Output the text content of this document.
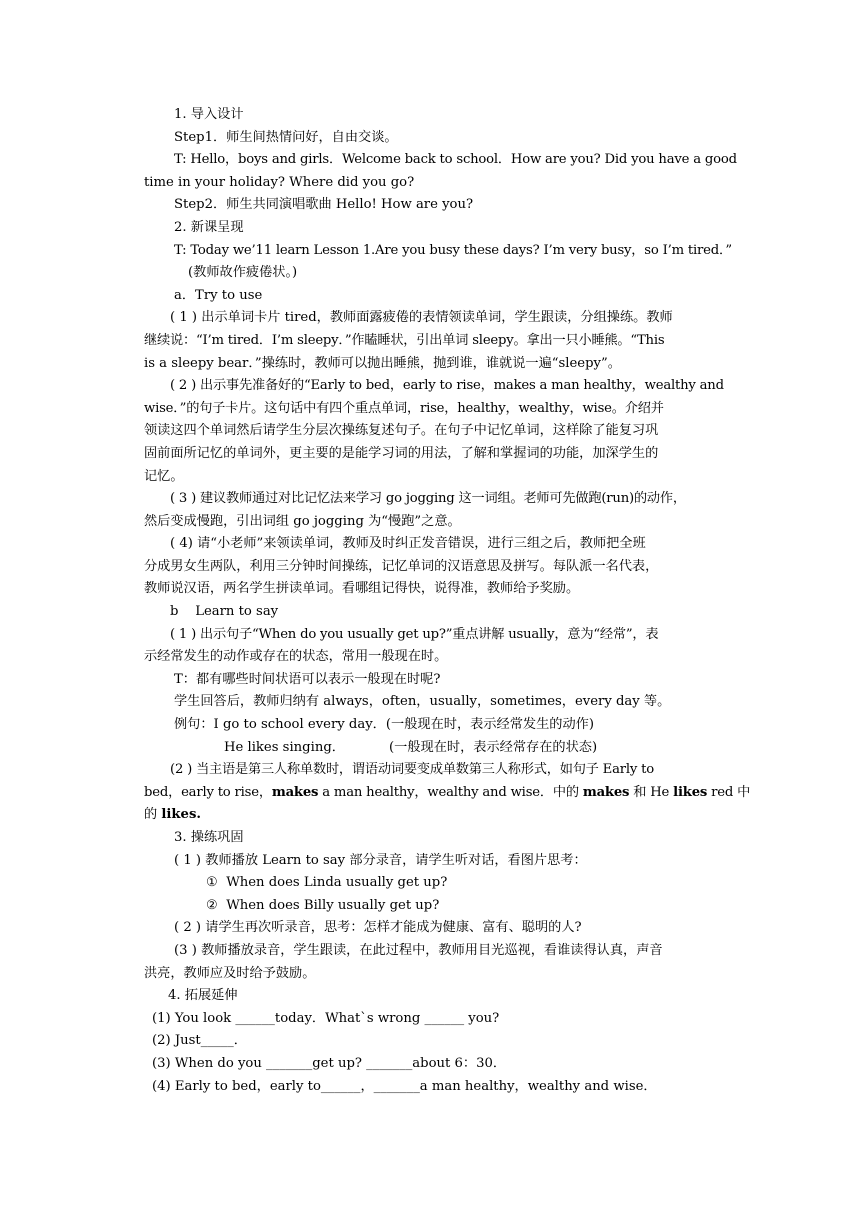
1. 导入设计
Step1．师生间热情问好，自由交谈。
T: Hello，boys and girls．Welcome back to school．How are you? Did you have a good
time in your holiday? Where did you go?
Step2．师生共同演唱歌曲 Hello! How are you?
2. 新课呈现
T: Today we’11 learn Lesson 1.Are you busy these days? I’m very busy，so I’m tired．”
(教师故作疲倦状。)
a．Try to use
( 1 ) 出示单词卡片 tired，教师面露疲倦的表情领读单词，学生跟读，分组操练。教师
继续说：“I’m tired．I’m sleepy．”作瞌睡状，引出单词 sleepy。拿出一只小睡熊。“This
is a sleepy bear．”操练时，教师可以抛出睡熊，抛到谁，谁就说一遍“sleepy”。
( 2 ) 出示事先准备好的“Early to bed，early to rise，makes a man healthy，wealthy and
wise．”的句子卡片。这句话中有四个重点单词，rise，healthy，wealthy，wise。介绍并
领读这四个单词然后请学生分层次操练复述句子。在句子中记忆单词，这样除了能复习巩
固前面所记忆的单词外，更主要的是能学习词的用法，了解和掌握词的功能，加深学生的
记忆。
( 3 ) 建议教师通过对比记忆法来学习 go jogging 这一词组。老师可先做跑(run)的动作，
然后变成慢跑，引出词组 go jogging 为“慢跑”之意。
( 4) 请“小老师”来领读单词，教师及时纠正发音错误，进行三组之后，教师把全班
分成男女生两队，利用三分钟时间操练，记忆单词的汉语意思及拼写。每队派一名代表，
教师说汉语，两名学生拼读单词。看哪组记得快，说得准，教师给予奖励。
b    Learn to say
( 1 ) 出示句子“When do you usually get up?”重点讲解 usually，意为“经常”，表
示经常发生的动作或存在的状态，常用一般现在时。
T：都有哪些时间状语可以表示一般现在时呢?
学生回答后，教师归纳有 always，often，usually，sometimes，every day 等。
例句：I go to school every day．(一般现在时，表示经常发生的动作)
He likes singing．	(一般现在时，表示经常存在的状态)
(2 ) 当主语是第三人称单数时，谓语动词要变成单数第三人称形式，如句子 Early to
bed，early to rise，makes a man healthy，wealthy and wise．中的 makes 和 He likes red 中
的 likes.
3. 操练巩固
( 1 ) 教师播放 Learn to say 部分录音，请学生听对话，看图片思考：
①  When does Linda usually get up?
②  When does Billy usually get up?
( 2 ) 请学生再次听录音，思考：怎样才能成为健康、富有、聪明的人?
(3 ) 教师播放录音，学生跟读，在此过程中，教师用目光巡视，看谁读得认真，声音
洪亮，教师应及时给予鼓励。
4. 拓展延伸
(1) You look ______today．What`s wrong ______ you?
(2) Just_____．
(3) When do you _______get up? _______about 6：30．
(4) Early to bed，early to______，_______a man healthy，wealthy and wise．
